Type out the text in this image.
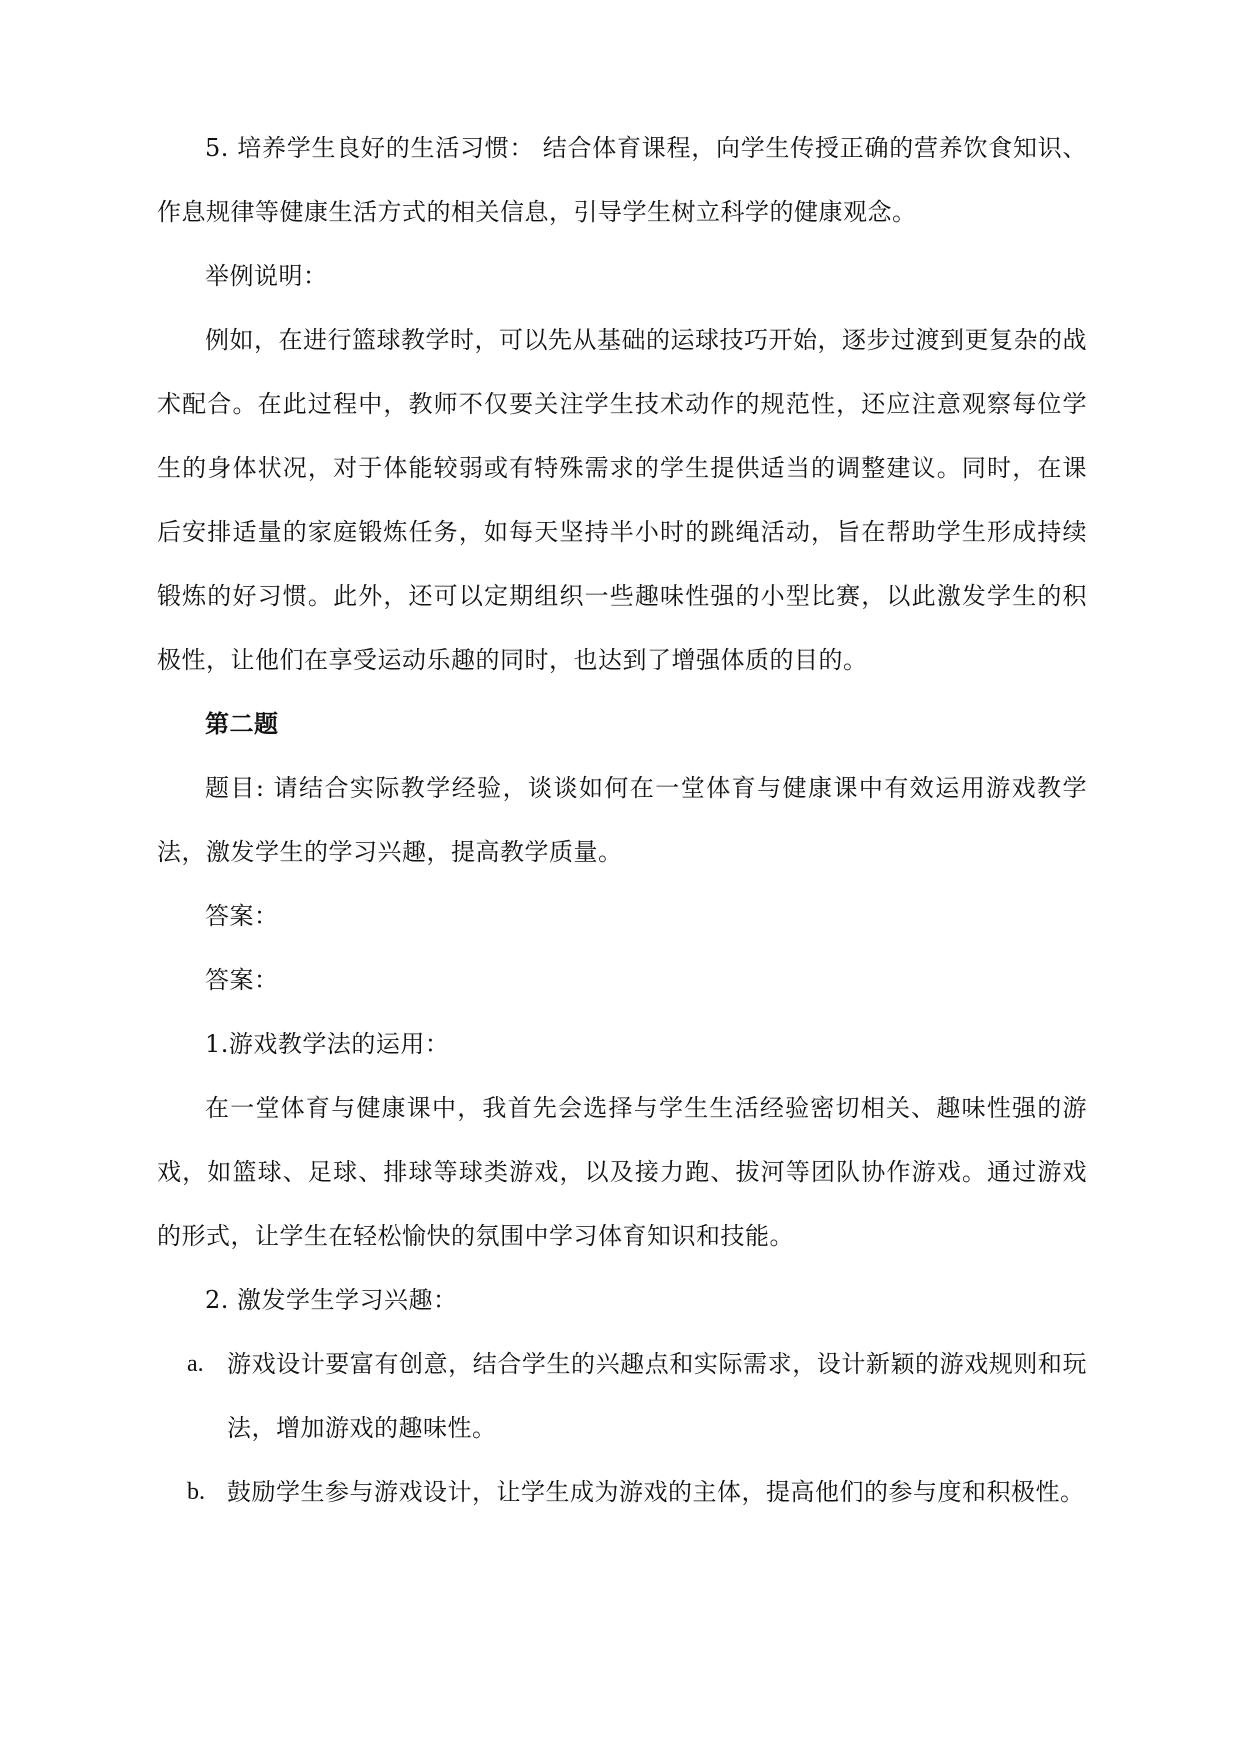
5. 培养学生良好的生活习惯： 结合体育课程，向学生传授正确的营养饮食知识、作息规律等健康生活方式的相关信息，引导学生树立科学的健康观念。

举例说明：

例如，在进行篮球教学时，可以先从基础的运球技巧开始，逐步过渡到更复杂的战术配合。在此过程中，教师不仅要关注学生技术动作的规范性，还应注意观察每位学生的身体状况，对于体能较弱或有特殊需求的学生提供适当的调整建议。同时，在课后安排适量的家庭锻炼任务，如每天坚持半小时的跳绳活动，旨在帮助学生形成持续锻炼的好习惯。此外，还可以定期组织一些趣味性强的小型比赛，以此激发学生的积极性，让他们在享受运动乐趣的同时，也达到了增强体质的目的。

第二题

题目: 请结合实际教学经验，谈谈如何在一堂体育与健康课中有效运用游戏教学法，激发学生的学习兴趣，提高教学质量。

答案：

答案：

1.游戏教学法的运用：

在一堂体育与健康课中，我首先会选择与学生生活经验密切相关、趣味性强的游戏，如篮球、足球、排球等球类游戏，以及接力跑、拔河等团队协作游戏。通过游戏的形式，让学生在轻松愉快的氛围中学习体育知识和技能。

2. 激发学生学习兴趣：

a. 游戏设计要富有创意，结合学生的兴趣点和实际需求，设计新颖的游戏规则和玩法，增加游戏的趣味性。
b. 鼓励学生参与游戏设计，让学生成为游戏的主体，提高他们的参与度和积极性。
